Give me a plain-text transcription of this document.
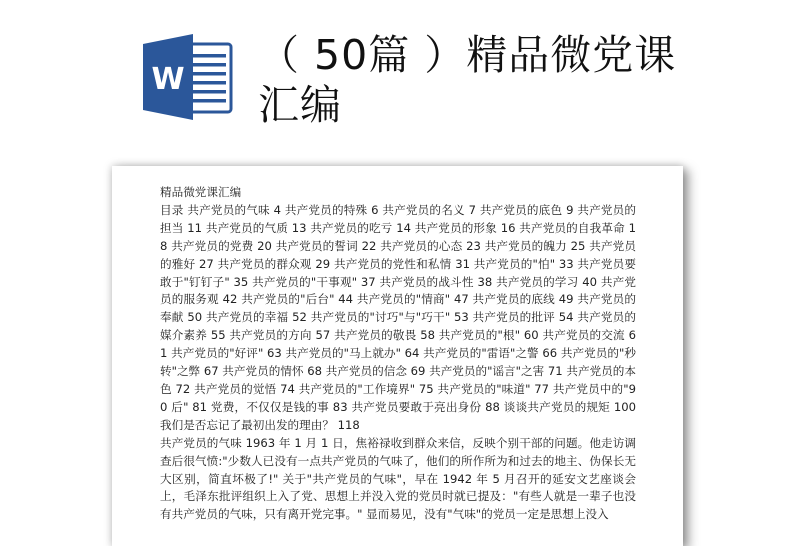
W
（ 50篇 ）精品微党课汇编

精品微党课汇编

目录 共产党员的气味 4 共产党员的特殊 6 共产党员的名义 7 共产党员的底色 9 共产党员的担当 11 共产党员的气质 13 共产党员的吃亏 14 共产党员的形象 16 共产党员的自我革命 18 共产党员的党费 20 共产党员的誓词 22 共产党员的心态 23 共产党员的魄力 25 共产党员的雅好 27 共产党员的群众观 29 共产党员的党性和私情 31 共产党员的"怕" 33 共产党员要敢于"钉钉子" 35 共产党员的"干事观" 37 共产党员的战斗性 38 共产党员的学习 40 共产党员的服务观 42 共产党员的"后台" 44 共产党员的"情商" 47 共产党员的底线 49 共产党员的奉献 50 共产党员的幸福 52 共产党员的"讨巧"与"巧干" 53 共产党员的批评 54 共产党员的媒介素养 55 共产党员的方向 57 共产党员的敬畏 58 共产党员的"根" 60 共产党员的交流 61 共产党员的"好评" 63 共产党员的"马上就办" 64 共产党员的"雷语"之警 66 共产党员的"秒转"之弊 67 共产党员的情怀 68 共产党员的信念 69 共产党员的"谣言"之害 71 共产党员的本色 72 共产党员的觉悟 74 共产党员的"工作境界" 75 共产党员的"味道" 77 共产党员中的"90 后" 81 党费，不仅仅是钱的事 83 共产党员要敢于亮出身份 88 谈谈共产党员的规矩 100 我们是否忘记了最初出发的理由？ 118

共产党员的气味 1963 年 1 月 1 日，焦裕禄收到群众来信，反映个别干部的问题。他走访调查后很气愤:"少数人已没有一点共产党员的气味了，他们的所作所为和过去的地主、伪保长无大区别，简直坏极了!" 关于"共产党员的气味"，早在 1942 年 5 月召开的延安文艺座谈会上，毛泽东批评组织上入了党、思想上并没入党的党员时就已提及："有些人就是一辈子也没有共产党员的气味，只有离开党完事。" 显而易见，没有"气味"的党员一定是思想上没入
